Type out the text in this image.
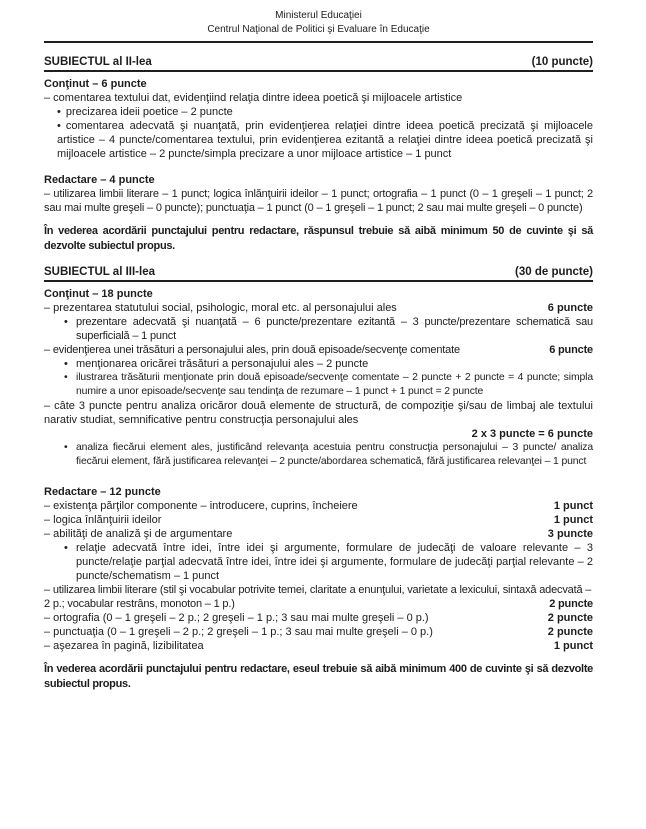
Ministerul Educaţiei
Centrul Naţional de Politici şi Evaluare în Educaţie
SUBIECTUL al II-lea	(10 puncte)
Conţinut – 6 puncte
– comentarea textului dat, evidenţiind relaţia dintre ideea poetică şi mijloacele artistice
• precizarea ideii poetice – 2 puncte
• comentarea adecvată şi nuanţată, prin evidenţierea relaţiei dintre ideea poetică precizată şi mijloacele artistice – 4 puncte/comentarea textului, prin evidenţierea ezitantă a relaţiei dintre ideea poetică precizată şi mijloacele artistice – 2 puncte/simpla precizare a unor mijloace artistice – 1 punct
Redactare – 4 puncte
– utilizarea limbii literare – 1 punct; logica înlănţuirii ideilor – 1 punct; ortografia – 1 punct (0 – 1 greşeli – 1 punct; 2 sau mai multe greşeli – 0 puncte); punctuaţia – 1 punct (0 – 1 greşeli – 1 punct; 2 sau mai multe greşeli – 0 puncte)
În vederea acordării punctajului pentru redactare, răspunsul trebuie să aibă minimum 50 de cuvinte şi să dezvolte subiectul propus.
SUBIECTUL al III-lea	(30 de puncte)
Conţinut – 18 puncte
– prezentarea statutului social, psihologic, moral etc. al personajului ales	6 puncte
• prezentare adecvată şi nuanţată – 6 puncte/prezentare ezitantă – 3 puncte/prezentare schematică sau superficială – 1 punct
– evidenţierea unei trăsături a personajului ales, prin două episoade/secvenţe comentate	6 puncte
• menţionarea oricărei trăsături a personajului ales – 2 puncte
• ilustrarea trăsăturii menţionate prin două episoade/secvenţe comentate – 2 puncte + 2 puncte = 4 puncte; simpla numire a unor episoade/secvenţe sau tendinţa de rezumare – 1 punct + 1 punct = 2 puncte
– câte 3 puncte pentru analiza oricăror două elemente de structură, de compoziţie şi/sau de limbaj ale textului narativ studiat, semnificative pentru construcţia personajului ales
2 x 3 puncte = 6 puncte
• analiza fiecărui element ales, justificând relevanţa acestuia pentru construcţia personajului – 3 puncte/ analiza fiecărui element, fără justificarea relevanţei – 2 puncte/abordarea schematică, fără justificarea relevanţei – 1 punct
Redactare – 12 puncte
– existenţa părţilor componente – introducere, cuprins, încheiere	1 punct
– logica înlănţuirii ideilor	1 punct
– abilităţi de analiză şi de argumentare	3 puncte
• relaţie adecvată între idei, între idei şi argumente, formulare de judecăţi de valoare relevante – 3 puncte/relaţie parţial adecvată între idei, între idei şi argumente, formulare de judecăţi parţial relevante – 2 puncte/schematism – 1 punct
– utilizarea limbii literare (stil şi vocabular potrivite temei, claritate a enunţului, varietate a lexicului, sintaxă adecvată – 2 p.; vocabular restrâns, monoton – 1 p.)	2 puncte
– ortografia (0 – 1 greşeli – 2 p.; 2 greşeli – 1 p.; 3 sau mai multe greşeli – 0 p.)	2 puncte
– punctuaţia (0 – 1 greşeli – 2 p.; 2 greşeli – 1 p.; 3 sau mai multe greşeli – 0 p.)	2 puncte
– aşezarea în pagină, lizibilitatea	1 punct
În vederea acordării punctajului pentru redactare, eseul trebuie să aibă minimum 400 de cuvinte şi să dezvolte subiectul propus.
